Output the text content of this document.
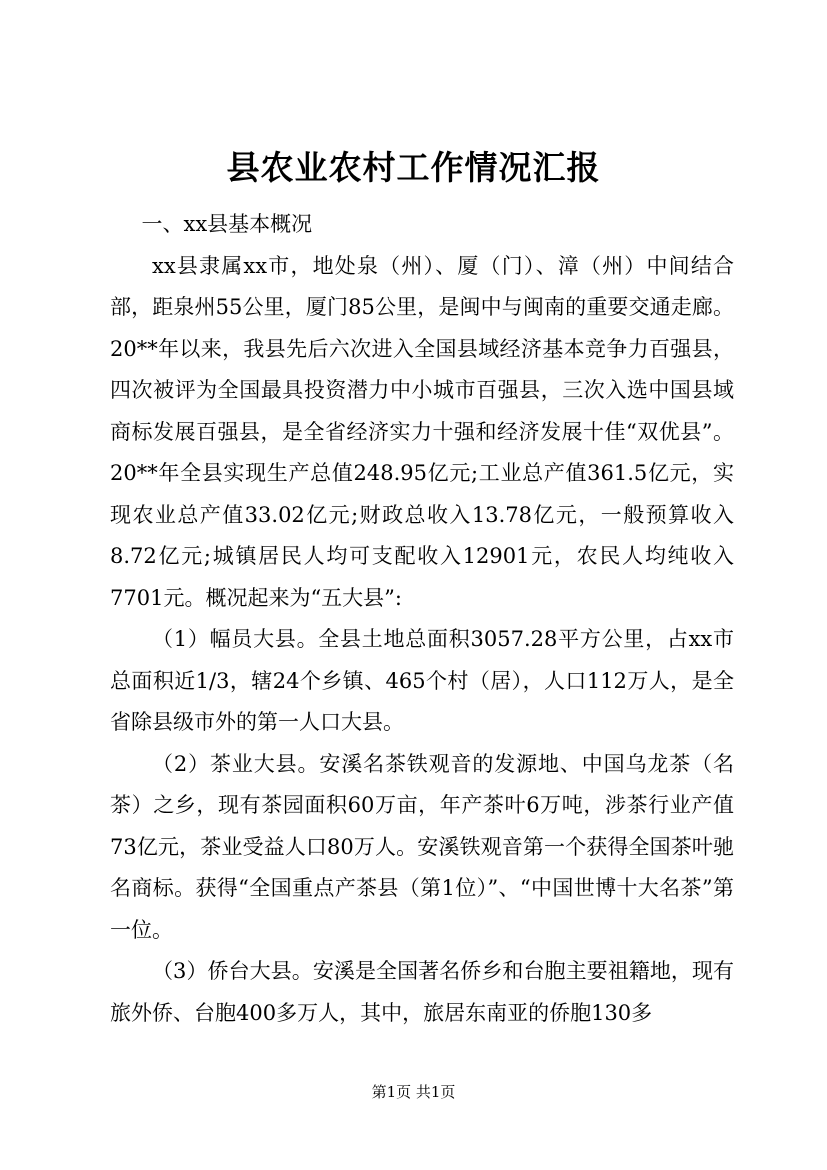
县农业农村工作情况汇报

一、xx县基本概况

xx县隶属xx市，地处泉（州）、厦（门）、漳（州）中间结合部，距泉州55公里，厦门85公里，是闽中与闽南的重要交通走廊。20**年以来，我县先后六次进入全国县域经济基本竞争力百强县，四次被评为全国最具投资潜力中小城市百强县，三次入选中国县域商标发展百强县，是全省经济实力十强和经济发展十佳“双优县”。20**年全县实现生产总值248.95亿元;工业总产值361.5亿元，实现农业总产值33.02亿元;财政总收入13.78亿元，一般预算收入8.72亿元;城镇居民人均可支配收入12901元，农民人均纯收入7701元。概况起来为“五大县”:

（1）幅员大县。全县土地总面积3057.28平方公里，占xx市总面积近1/3，辖24个乡镇、465个村（居），人口112万人，是全省除县级市外的第一人口大县。

（2）茶业大县。安溪名茶铁观音的发源地、中国乌龙茶（名茶）之乡，现有茶园面积60万亩，年产茶叶6万吨，涉茶行业产值73亿元，茶业受益人口80万人。安溪铁观音第一个获得全国茶叶驰名商标。获得“全国重点产茶县（第1位）”、“中国世博十大名茶”第一位。

（3）侨台大县。安溪是全国著名侨乡和台胞主要祖籍地，现有旅外侨、台胞400多万人，其中，旅居东南亚的侨胞130多

第1页 共1页
